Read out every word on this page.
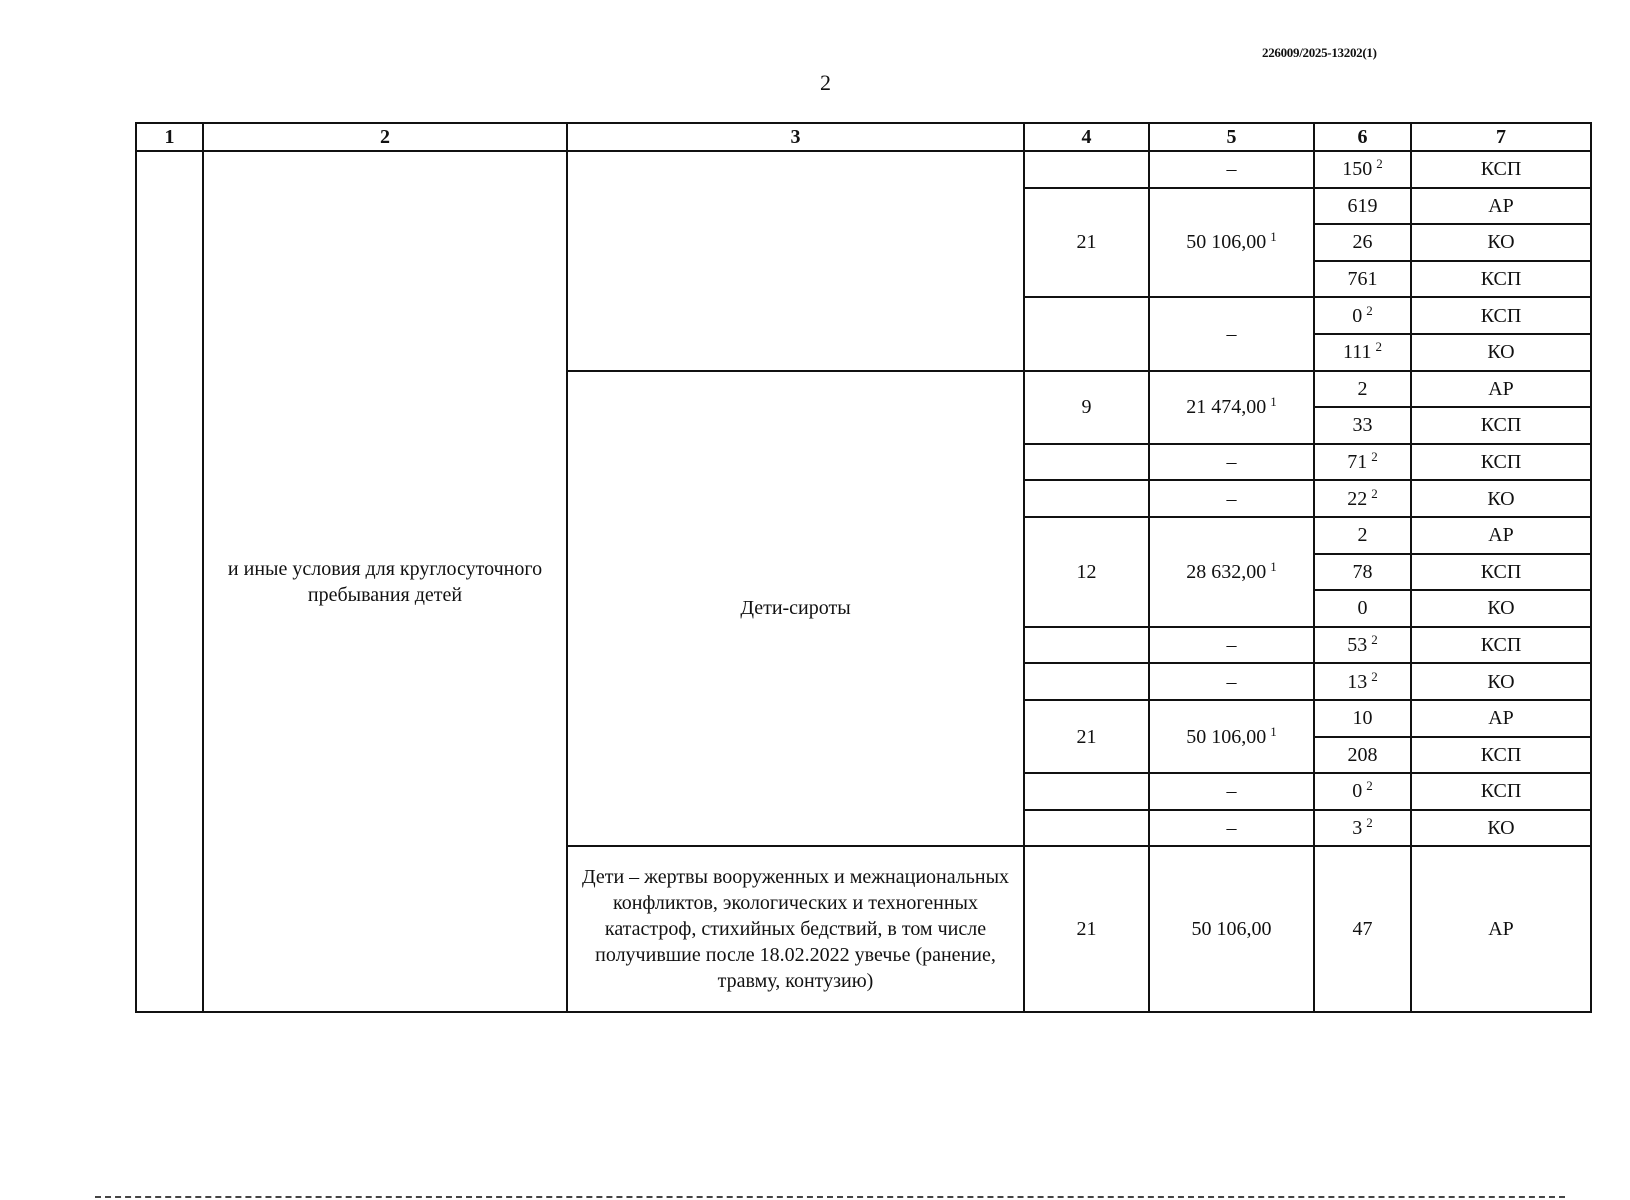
226009/2025-13202(1)
2
1	2	3	4	5	6	7
	и иные условия для круглосуточного пребывания детей			–	150 $^2$	КСП
			21	50 106,00 $^1$	619	АР
					26	КО
					761	КСП
				–	0 $^2$	КСП
					111 $^2$	КО
		Дети-сироты	9	21 474,00 $^1$	2	АР
					33	КСП
				–	71 $^2$	КСП
				–	22 $^2$	КО
			12	28 632,00 $^1$	2	АР
					78	КСП
					0	КО
				–	53 $^2$	КСП
				–	13 $^2$	КО
			21	50 106,00 $^1$	10	АР
					208	КСП
				–	0 $^2$	КСП
				–	3 $^2$	КО
		Дети – жертвы вооруженных и межнациональных конфликтов, экологических и техногенных катастроф, стихийных бедствий, в том числе получившие после 18.02.2022 увечье (ранение, травму, контузию)	21	50 106,00	47	АР
